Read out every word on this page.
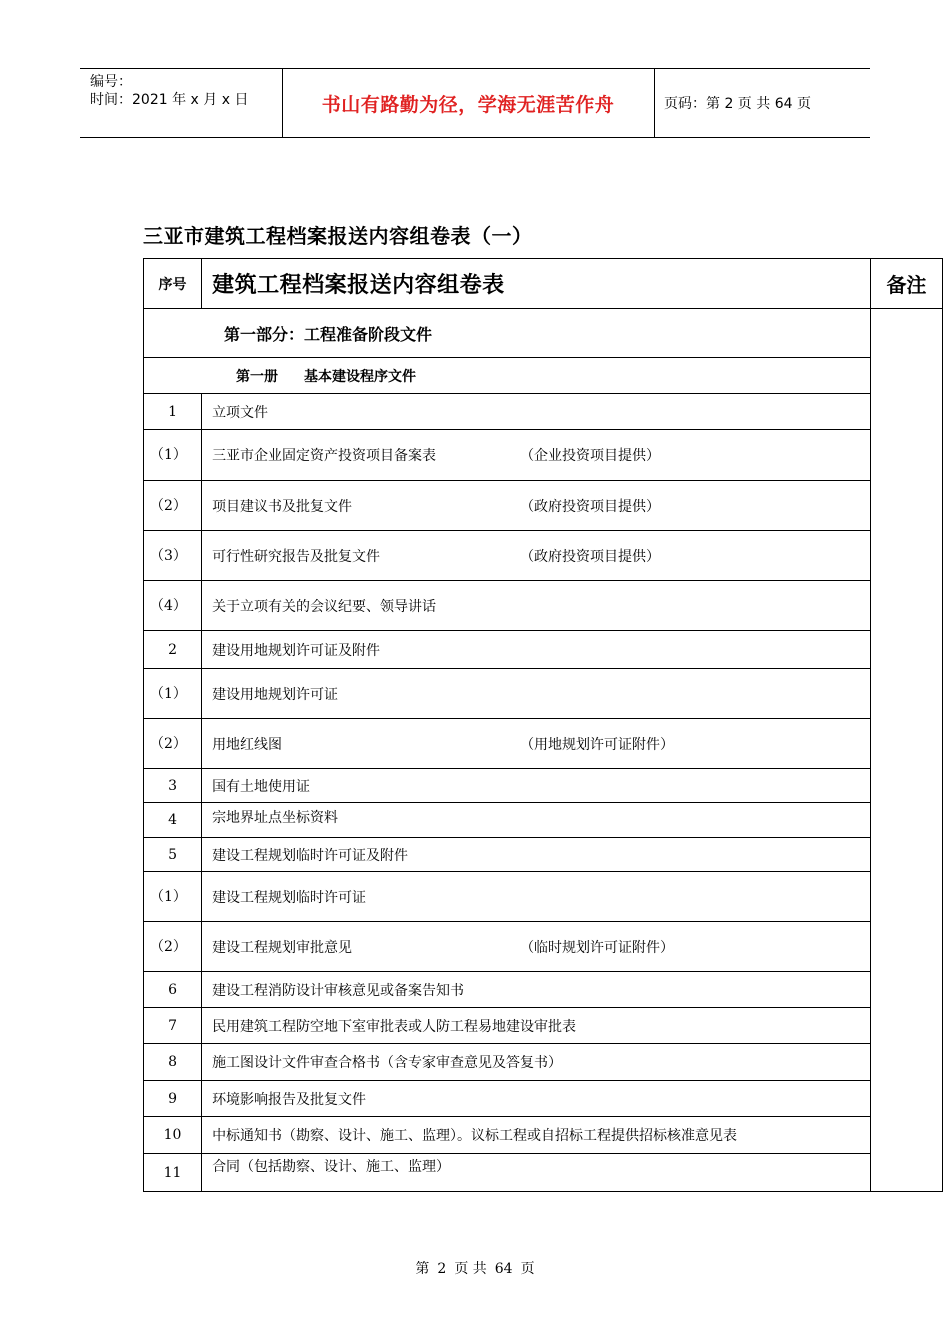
编号：
时间：2021 年 x 月 x 日	书山有路勤为径，学海无涯苦作舟	页码：第 2 页 共 64 页
三亚市建筑工程档案报送内容组卷表（一）
序号	建筑工程档案报送内容组卷表	备注
第一部分：工程准备阶段文件		
第一册 基本建设程序文件		
1	立项文件	
（1）	三亚市企业固定资产投资项目备案表 （企业投资项目提供）	

（2）	项目建议书及批复文件 （政府投资项目提供）	

（3）	可行性研究报告及批复文件 （政府投资项目提供）	

（4）	关于立项有关的会议纪要、领导讲话	
2	建设用地规划许可证及附件	
（1）	建设用地规划许可证	
（2）	用地红线图 （用地规划许可证附件）	

3	国有土地使用证	
4	宗地界址点坐标资料	
5	建设工程规划临时许可证及附件	
（1）	建设工程规划临时许可证	
（2）	建设工程规划审批意见 （临时规划许可证附件）	

6	建设工程消防设计审核意见或备案告知书	
7	民用建筑工程防空地下室审批表或人防工程易地建设审批表	
8	施工图设计文件审查合格书（含专家审查意见及答复书）	
9	环境影响报告及批复文件	
10	中标通知书（勘察、设计、施工、监理）。议标工程或自招标工程提供招标核准意见表	
11	合同（包括勘察、设计、施工、监理）	
第 2 页 共 64 页
